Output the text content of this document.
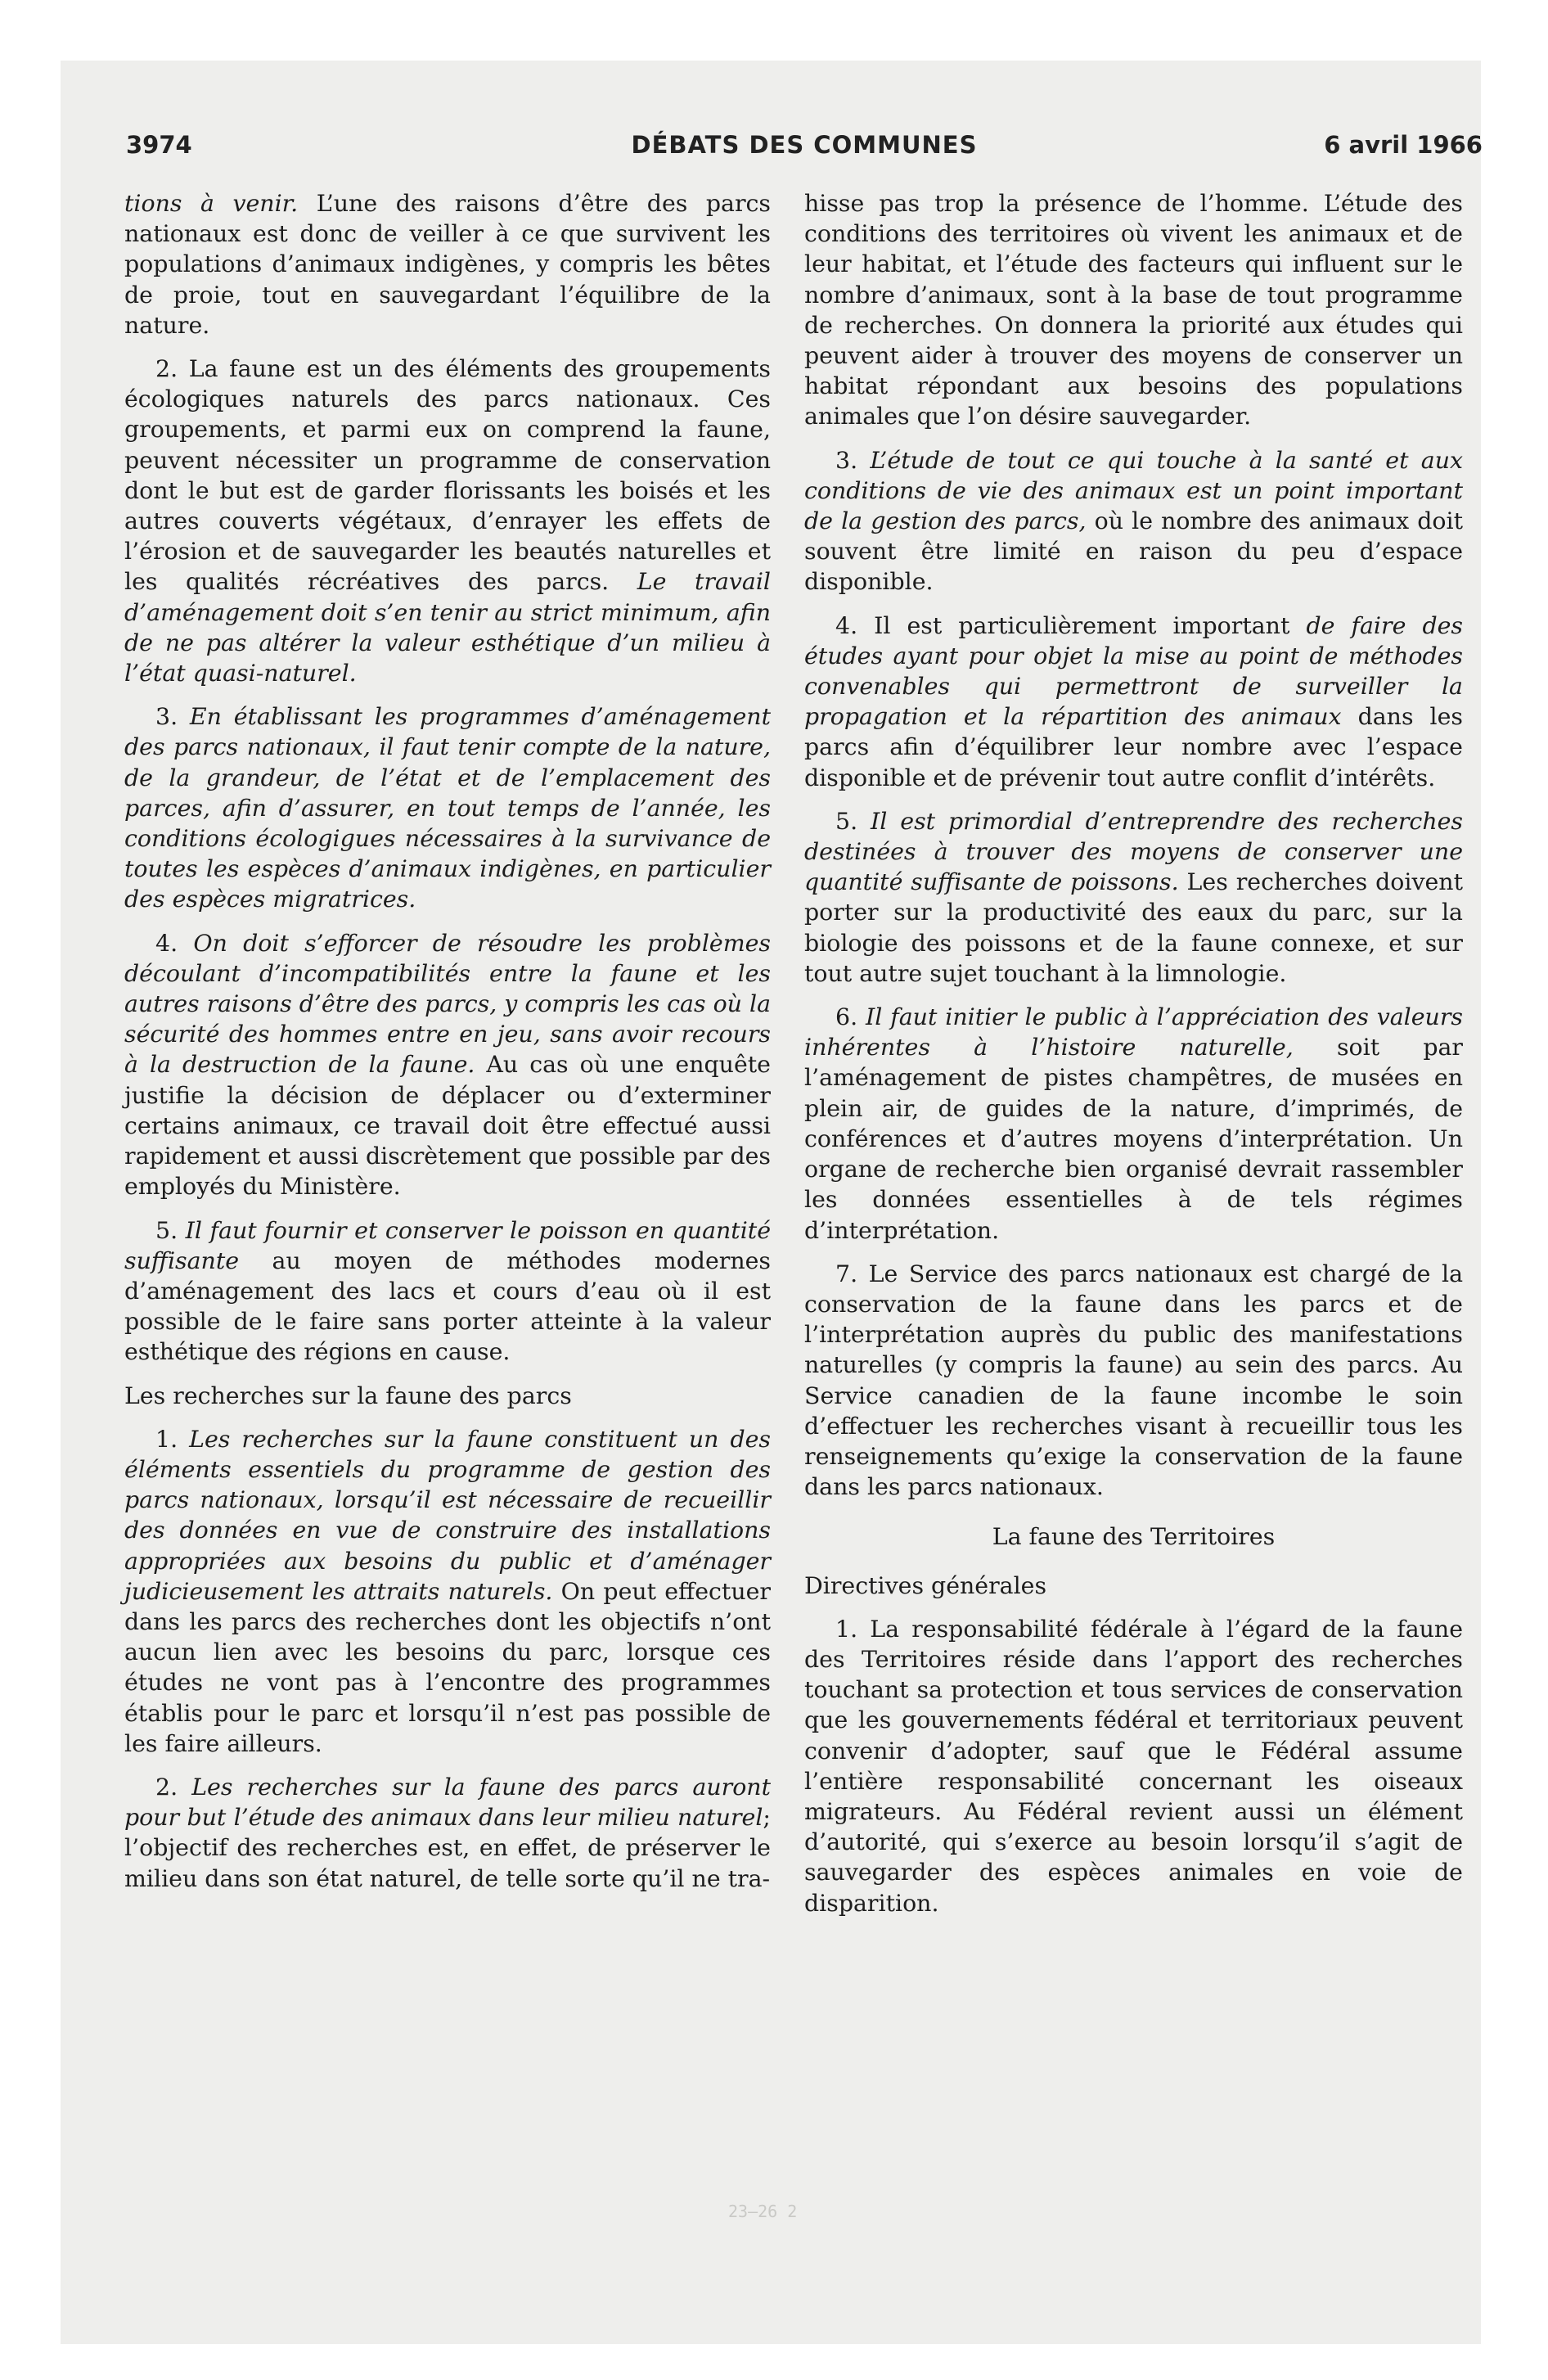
3974	DÉBATS DES COMMUNES	6 avril 1966

tions à venir. L’une des raisons d’être des parcs nationaux est donc de veiller à ce que survivent les populations d’animaux indigènes, y compris les bêtes de proie, tout en sauvegardant l’équilibre de la nature.

2. La faune est un des éléments des groupements écologiques naturels des parcs nationaux. Ces groupements, et parmi eux on comprend la faune, peuvent nécessiter un programme de conservation dont le but est de garder florissants les boisés et les autres couverts végétaux, d’enrayer les effets de l’érosion et de sauvegarder les beautés naturelles et les qualités récréatives des parcs. Le travail d’aménagement doit s’en tenir au strict minimum, afin de ne pas altérer la valeur esthétique d’un milieu à l’état quasi-naturel.

3. En établissant les programmes d’aménagement des parcs nationaux, il faut tenir compte de la nature, de la grandeur, de l’état et de l’emplacement des parces, afin d’assurer, en tout temps de l’année, les conditions écologigues nécessaires à la survivance de toutes les espèces d’animaux indigènes, en particulier des espèces migratrices.

4. On doit s’efforcer de résoudre les problèmes découlant d’incompatibilités entre la faune et les autres raisons d’être des parcs, y compris les cas où la sécurité des hommes entre en jeu, sans avoir recours à la destruction de la faune. Au cas où une enquête justifie la décision de déplacer ou d’exterminer certains animaux, ce travail doit être effectué aussi rapidement et aussi discrètement que possible par des employés du Ministère.

5. Il faut fournir et conserver le poisson en quantité suffisante au moyen de méthodes modernes d’aménagement des lacs et cours d’eau où il est possible de le faire sans porter atteinte à la valeur esthétique des régions en cause.

Les recherches sur la faune des parcs

1. Les recherches sur la faune constituent un des éléments essentiels du programme de gestion des parcs nationaux, lorsqu’il est nécessaire de recueillir des données en vue de construire des installations appropriées aux besoins du public et d’aménager judicieusement les attraits naturels. On peut effectuer dans les parcs des recherches dont les objectifs n’ont aucun lien avec les besoins du parc, lorsque ces études ne vont pas à l’encontre des programmes établis pour le parc et lorsqu’il n’est pas possible de les faire ailleurs.

2. Les recherches sur la faune des parcs auront pour but l’étude des animaux dans leur milieu naturel; l’objectif des recherches est, en effet, de préserver le milieu dans son état naturel, de telle sorte qu’il ne tra-

hisse pas trop la présence de l’homme. L’étude des conditions des territoires où vivent les animaux et de leur habitat, et l’étude des facteurs qui influent sur le nombre d’animaux, sont à la base de tout programme de recherches. On donnera la priorité aux études qui peuvent aider à trouver des moyens de conserver un habitat répondant aux besoins des populations animales que l’on désire sauvegarder.

3. L’étude de tout ce qui touche à la santé et aux conditions de vie des animaux est un point important de la gestion des parcs, où le nombre des animaux doit souvent être limité en raison du peu d’espace disponible.

4. Il est particulièrement important de faire des études ayant pour objet la mise au point de méthodes convenables qui permettront de surveiller la propagation et la répartition des animaux dans les parcs afin d’équilibrer leur nombre avec l’espace disponible et de prévenir tout autre conflit d’intérêts.

5. Il est primordial d’entreprendre des recherches destinées à trouver des moyens de conserver une quantité suffisante de poissons. Les recherches doivent porter sur la productivité des eaux du parc, sur la biologie des poissons et de la faune connexe, et sur tout autre sujet touchant à la limnologie.

6. Il faut initier le public à l’appréciation des valeurs inhérentes à l’histoire naturelle, soit par l’aménagement de pistes champêtres, de musées en plein air, de guides de la nature, d’imprimés, de conférences et d’autres moyens d’interprétation. Un organe de recherche bien organisé devrait rassembler les données essentielles à de tels régimes d’interprétation.

7. Le Service des parcs nationaux est chargé de la conservation de la faune dans les parcs et de l’interprétation auprès du public des manifestations naturelles (y compris la faune) au sein des parcs. Au Service canadien de la faune incombe le soin d’effectuer les recherches visant à recueillir tous les renseignements qu’exige la conservation de la faune dans les parcs nationaux.

La faune des Territoires
Directives générales

1. La responsabilité fédérale à l’égard de la faune des Territoires réside dans l’apport des recherches touchant sa protection et tous services de conservation que les gouvernements fédéral et territoriaux peuvent convenir d’adopter, sauf que le Fédéral assume l’entière responsabilité concernant les oiseaux migrateurs. Au Fédéral revient aussi un élément d’autorité, qui s’exerce au besoin lorsqu’il s’agit de sauvegarder des espèces animales en voie de disparition.

23—26 2
